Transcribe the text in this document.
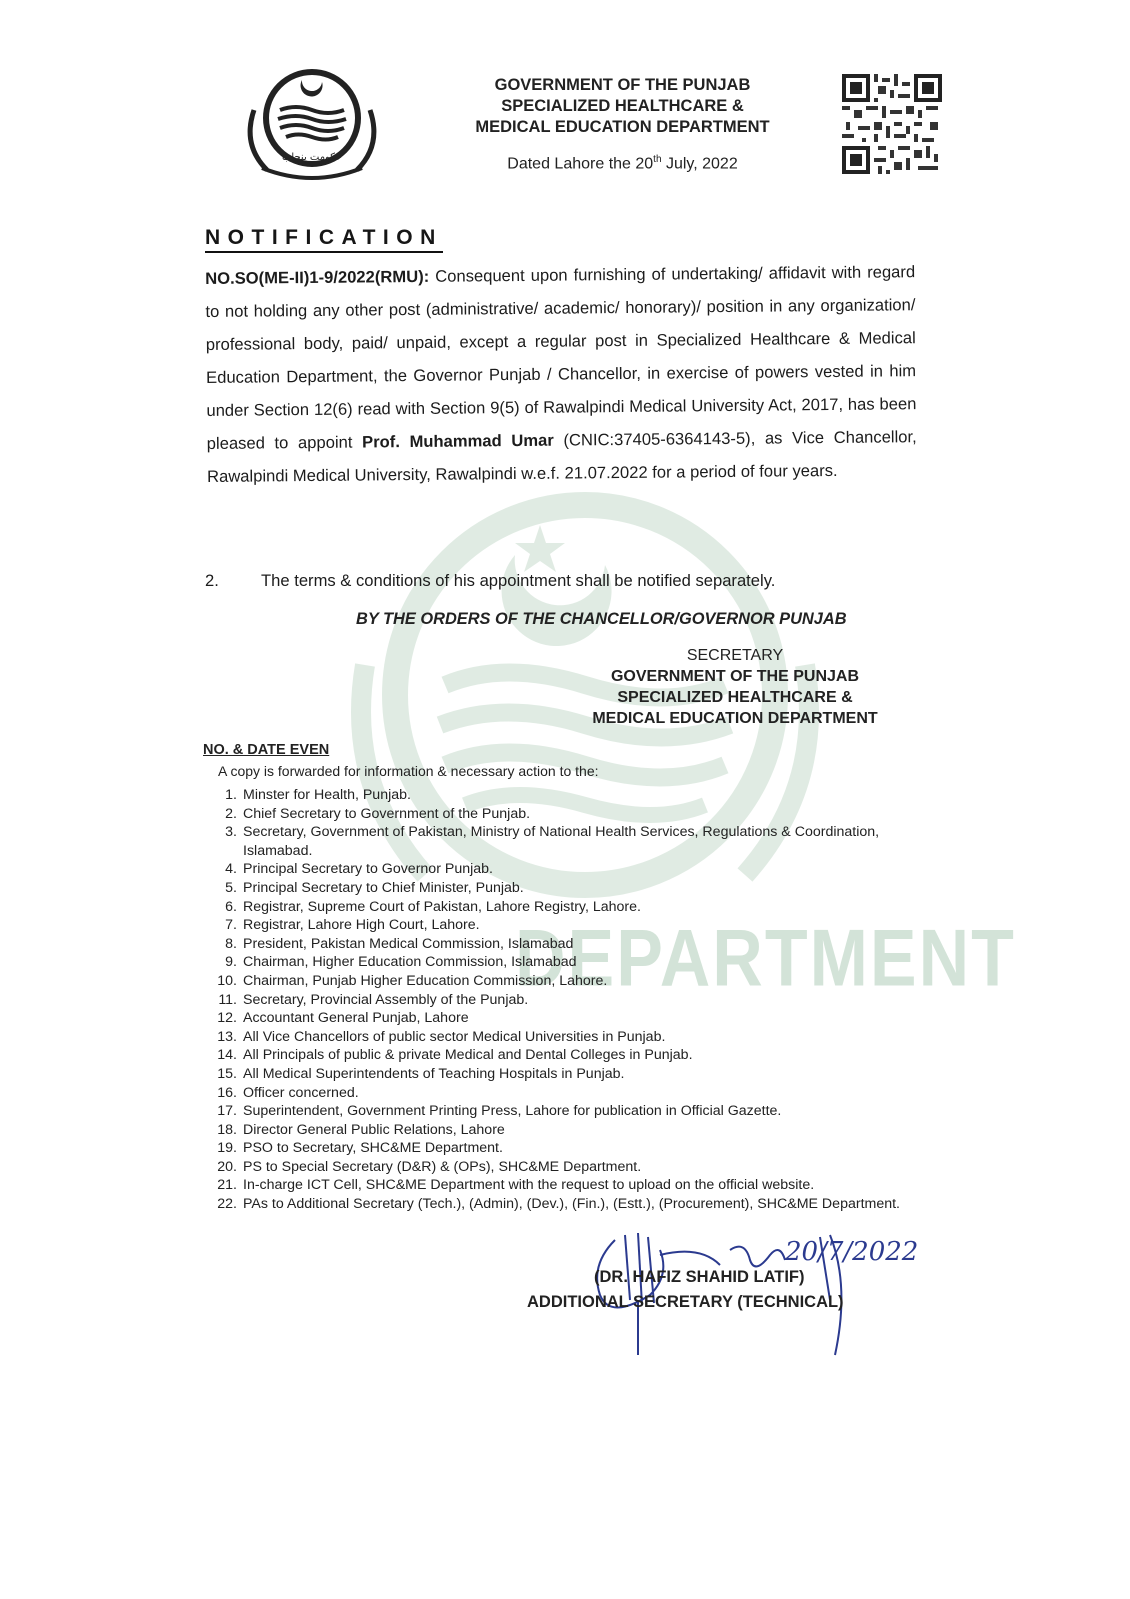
DEPARTMENT
حکومت پنجاب
GOVERNMENT OF THE PUNJAB
SPECIALIZED HEALTHCARE &
MEDICAL EDUCATION DEPARTMENT
Dated Lahore the 20th July, 2022
NOTIFICATION
NO.SO(ME-II)1-9/2022(RMU): Consequent upon furnishing of undertaking/ affidavit with regard to not holding any other post (administrative/ academic/ honorary)/ position in any organization/ professional body, paid/ unpaid, except a regular post in Specialized Healthcare & Medical Education Department, the Governor Punjab / Chancellor, in exercise of powers vested in him under Section 12(6) read with Section 9(5) of Rawalpindi Medical University Act, 2017, has been pleased to appoint Prof. Muhammad Umar (CNIC:37405-6364143-5), as Vice Chancellor, Rawalpindi Medical University, Rawalpindi w.e.f. 21.07.2022 for a period of four years.
2.	The terms & conditions of his appointment shall be notified separately.
BY THE ORDERS OF THE CHANCELLOR/GOVERNOR PUNJAB
SECRETARY
GOVERNMENT OF THE PUNJAB
SPECIALIZED HEALTHCARE &
MEDICAL EDUCATION DEPARTMENT
NO. & DATE EVEN
A copy is forwarded for information & necessary action to the:
1. Minster for Health, Punjab.
2. Chief Secretary to Government of the Punjab.
3. Secretary, Government of Pakistan, Ministry of National Health Services, Regulations & Coordination, Islamabad.
4. Principal Secretary to Governor Punjab.
5. Principal Secretary to Chief Minister, Punjab.
6. Registrar, Supreme Court of Pakistan, Lahore Registry, Lahore.
7. Registrar, Lahore High Court, Lahore.
8. President, Pakistan Medical Commission, Islamabad
9. Chairman, Higher Education Commission, Islamabad
10. Chairman, Punjab Higher Education Commission, Lahore.
11. Secretary, Provincial Assembly of the Punjab.
12. Accountant General Punjab, Lahore
13. All Vice Chancellors of public sector Medical Universities in Punjab.
14. All Principals of public & private Medical and Dental Colleges in Punjab.
15. All Medical Superintendents of Teaching Hospitals in Punjab.
16. Officer concerned.
17. Superintendent, Government Printing Press, Lahore for publication in Official Gazette.
18. Director General Public Relations, Lahore
19. PSO to Secretary, SHC&ME Department.
20. PS to Special Secretary (D&R) & (OPs), SHC&ME Department.
21. In-charge ICT Cell, SHC&ME Department with the request to upload on the official website.
22. PAs to Additional Secretary (Tech.), (Admin), (Dev.), (Fin.), (Estt.), (Procurement), SHC&ME Department.
20/7/2022
(DR. HAFIZ SHAHID LATIF)
ADDITIONAL SECRETARY (TECHNICAL)
